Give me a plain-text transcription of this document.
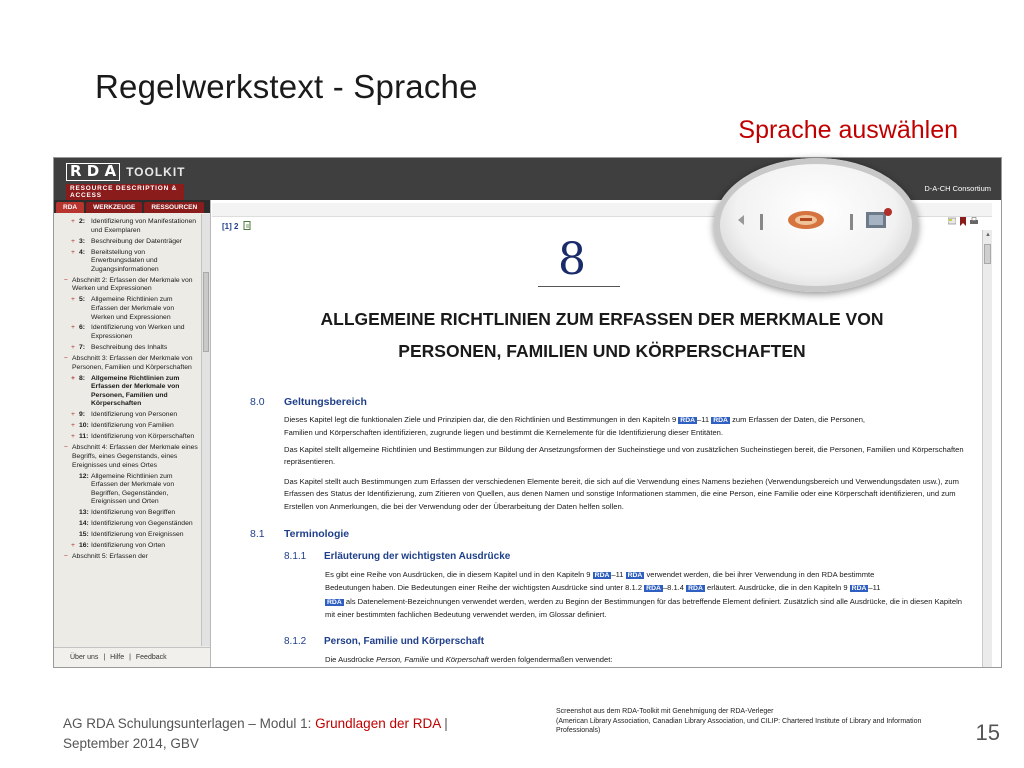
Regelwerkstext - Sprache
Sprache auswählen
R D A TOOLKIT
RESOURCE DESCRIPTION & ACCESS
D-A-CH Consortium
RDA	WERKZEUGE	RESSOURCEN
+ 2: Identifizierung von Manifestationen und Exemplaren
+ 3: Beschreibung der Datenträger
+ 4: Bereitstellung von Erwerbungsdaten und Zugangsinformationen
− Abschnitt 2: Erfassen der Merkmale von Werken und Expressionen
+ 5: Allgemeine Richtlinien zum Erfassen der Merkmale von Werken und Expressionen
+ 6: Identifizierung von Werken und Expressionen
+ 7: Beschreibung des Inhalts
− Abschnitt 3: Erfassen der Merkmale von Personen, Familien und Körperschaften
+ 8: Allgemeine Richtlinien zum Erfassen der Merkmale von Personen, Familien und Körperschaften
+ 9: Identifizierung von Personen
+ 10: Identifizierung von Familien
+ 11: Identifizierung von Körperschaften
− Abschnitt 4: Erfassen der Merkmale eines Begriffs, eines Gegenstands, eines Ereignisses und eines Ortes
12: Allgemeine Richtlinien zum Erfassen der Merkmale von Begriffen, Gegenständen, Ereignissen und Orten
13: Identifizierung von Begriffen
14: Identifizierung von Gegenständen
15: Identifizierung von Ereignissen
+ 16: Identifizierung von Orten
− Abschnitt 5: Erfassen der
Über uns | Hilfe | Feedback
[1] 2
▲
8
ALLGEMEINE RICHTLINIEN ZUM ERFASSEN DER MERKMALE VON
PERSONEN, FAMILIEN UND KÖRPERSCHAFTEN
8.0 Geltungsbereich
Dieses Kapitel legt die funktionalen Ziele und Prinzipien dar, die den Richtlinien und Bestimmungen in den Kapiteln 9 RDA –11 RDA zum Erfassen der Daten, die Personen,
Familien und Körperschaften identifizieren, zugrunde liegen und bestimmt die Kernelemente für die Identifizierung dieser Entitäten.
Das Kapitel stellt allgemeine Richtlinien und Bestimmungen zur Bildung der Ansetzungsformen der Sucheinstiege und von zusätzlichen Sucheinstiegen bereit, die Personen, Familien und Körperschaften repräsentieren.
Das Kapitel stellt auch Bestimmungen zum Erfassen der verschiedenen Elemente bereit, die sich auf die Verwendung eines Namens beziehen (Verwendungsbereich und Verwendungsdaten usw.), zum Erfassen des Status der Identifizierung, zum Zitieren von Quellen, aus denen Namen und sonstige Informationen stammen, die eine Person, eine Familie oder eine Körperschaft identifizieren, und zum Erstellen von Anmerkungen, die bei der Verwendung oder der Überarbeitung der Daten helfen sollen.
8.1 Terminologie
8.1.1 Erläuterung der wichtigsten Ausdrücke
Es gibt eine Reihe von Ausdrücken, die in diesem Kapitel und in den Kapiteln 9 RDA –11 RDA verwendet werden, die bei ihrer Verwendung in den RDA bestimmte
Bedeutungen haben. Die Bedeutungen einer Reihe der wichtigsten Ausdrücke sind unter 8.1.2 RDA –8.1.4 RDA erläutert. Ausdrücke, die in den Kapiteln 9 RDA –11
RDA als Datenelement-Bezeichnungen verwendet werden, werden zu Beginn der Bestimmungen für das betreffende Element definiert. Zusätzlich sind alle Ausdrücke, die in diesen Kapiteln mit einer bestimmten fachlichen Bedeutung verwendet werden, im Glossar definiert.
8.1.2 Person, Familie und Körperschaft
Die Ausdrücke Person, Familie und Körperschaft werden folgendermaßen verwendet:
AG RDA Schulungsunterlagen – Modul 1: Grundlagen der RDA |
September 2014, GBV
Screenshot aus dem RDA-Toolkit mit Genehmigung der RDA-Verleger
(American Library Association, Canadian Library Association, und CILIP: Chartered Institute of Library and Information Professionals)	15
